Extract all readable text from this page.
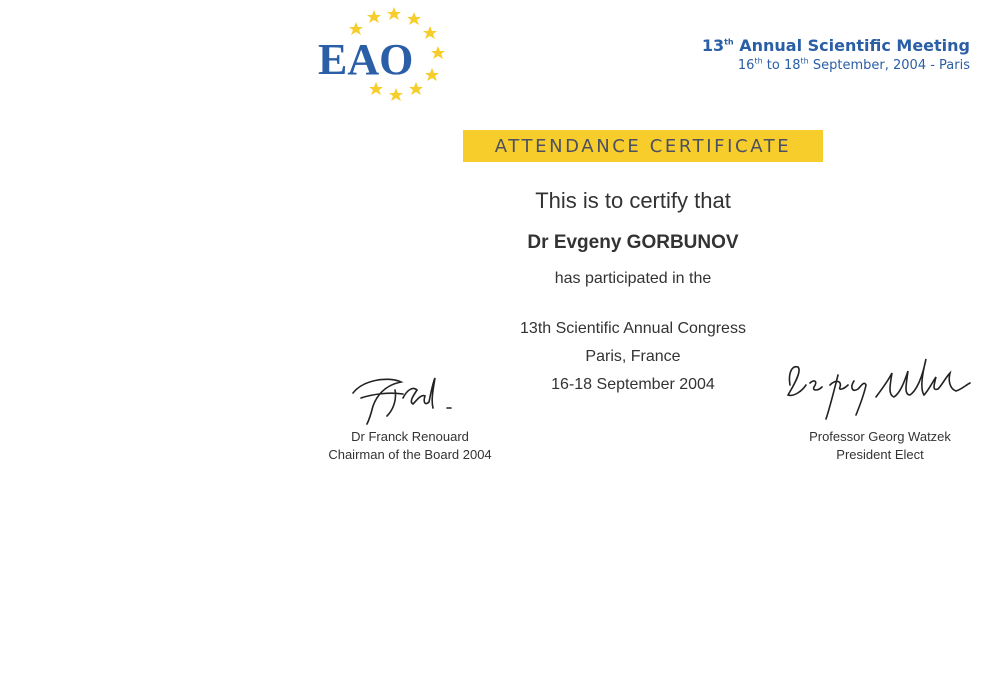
EAO	13th Annual Scientific Meeting
16th to 18th September, 2004 - Paris
ATTENDANCE CERTIFICATE
This is to certify that
Dr Evgeny GORBUNOV
has participated in the
13th Scientific Annual Congress
Paris, France
16-18 September 2004
Dr Franck Renouard
Chairman of the Board 2004
Professor Georg Watzek
President Elect
